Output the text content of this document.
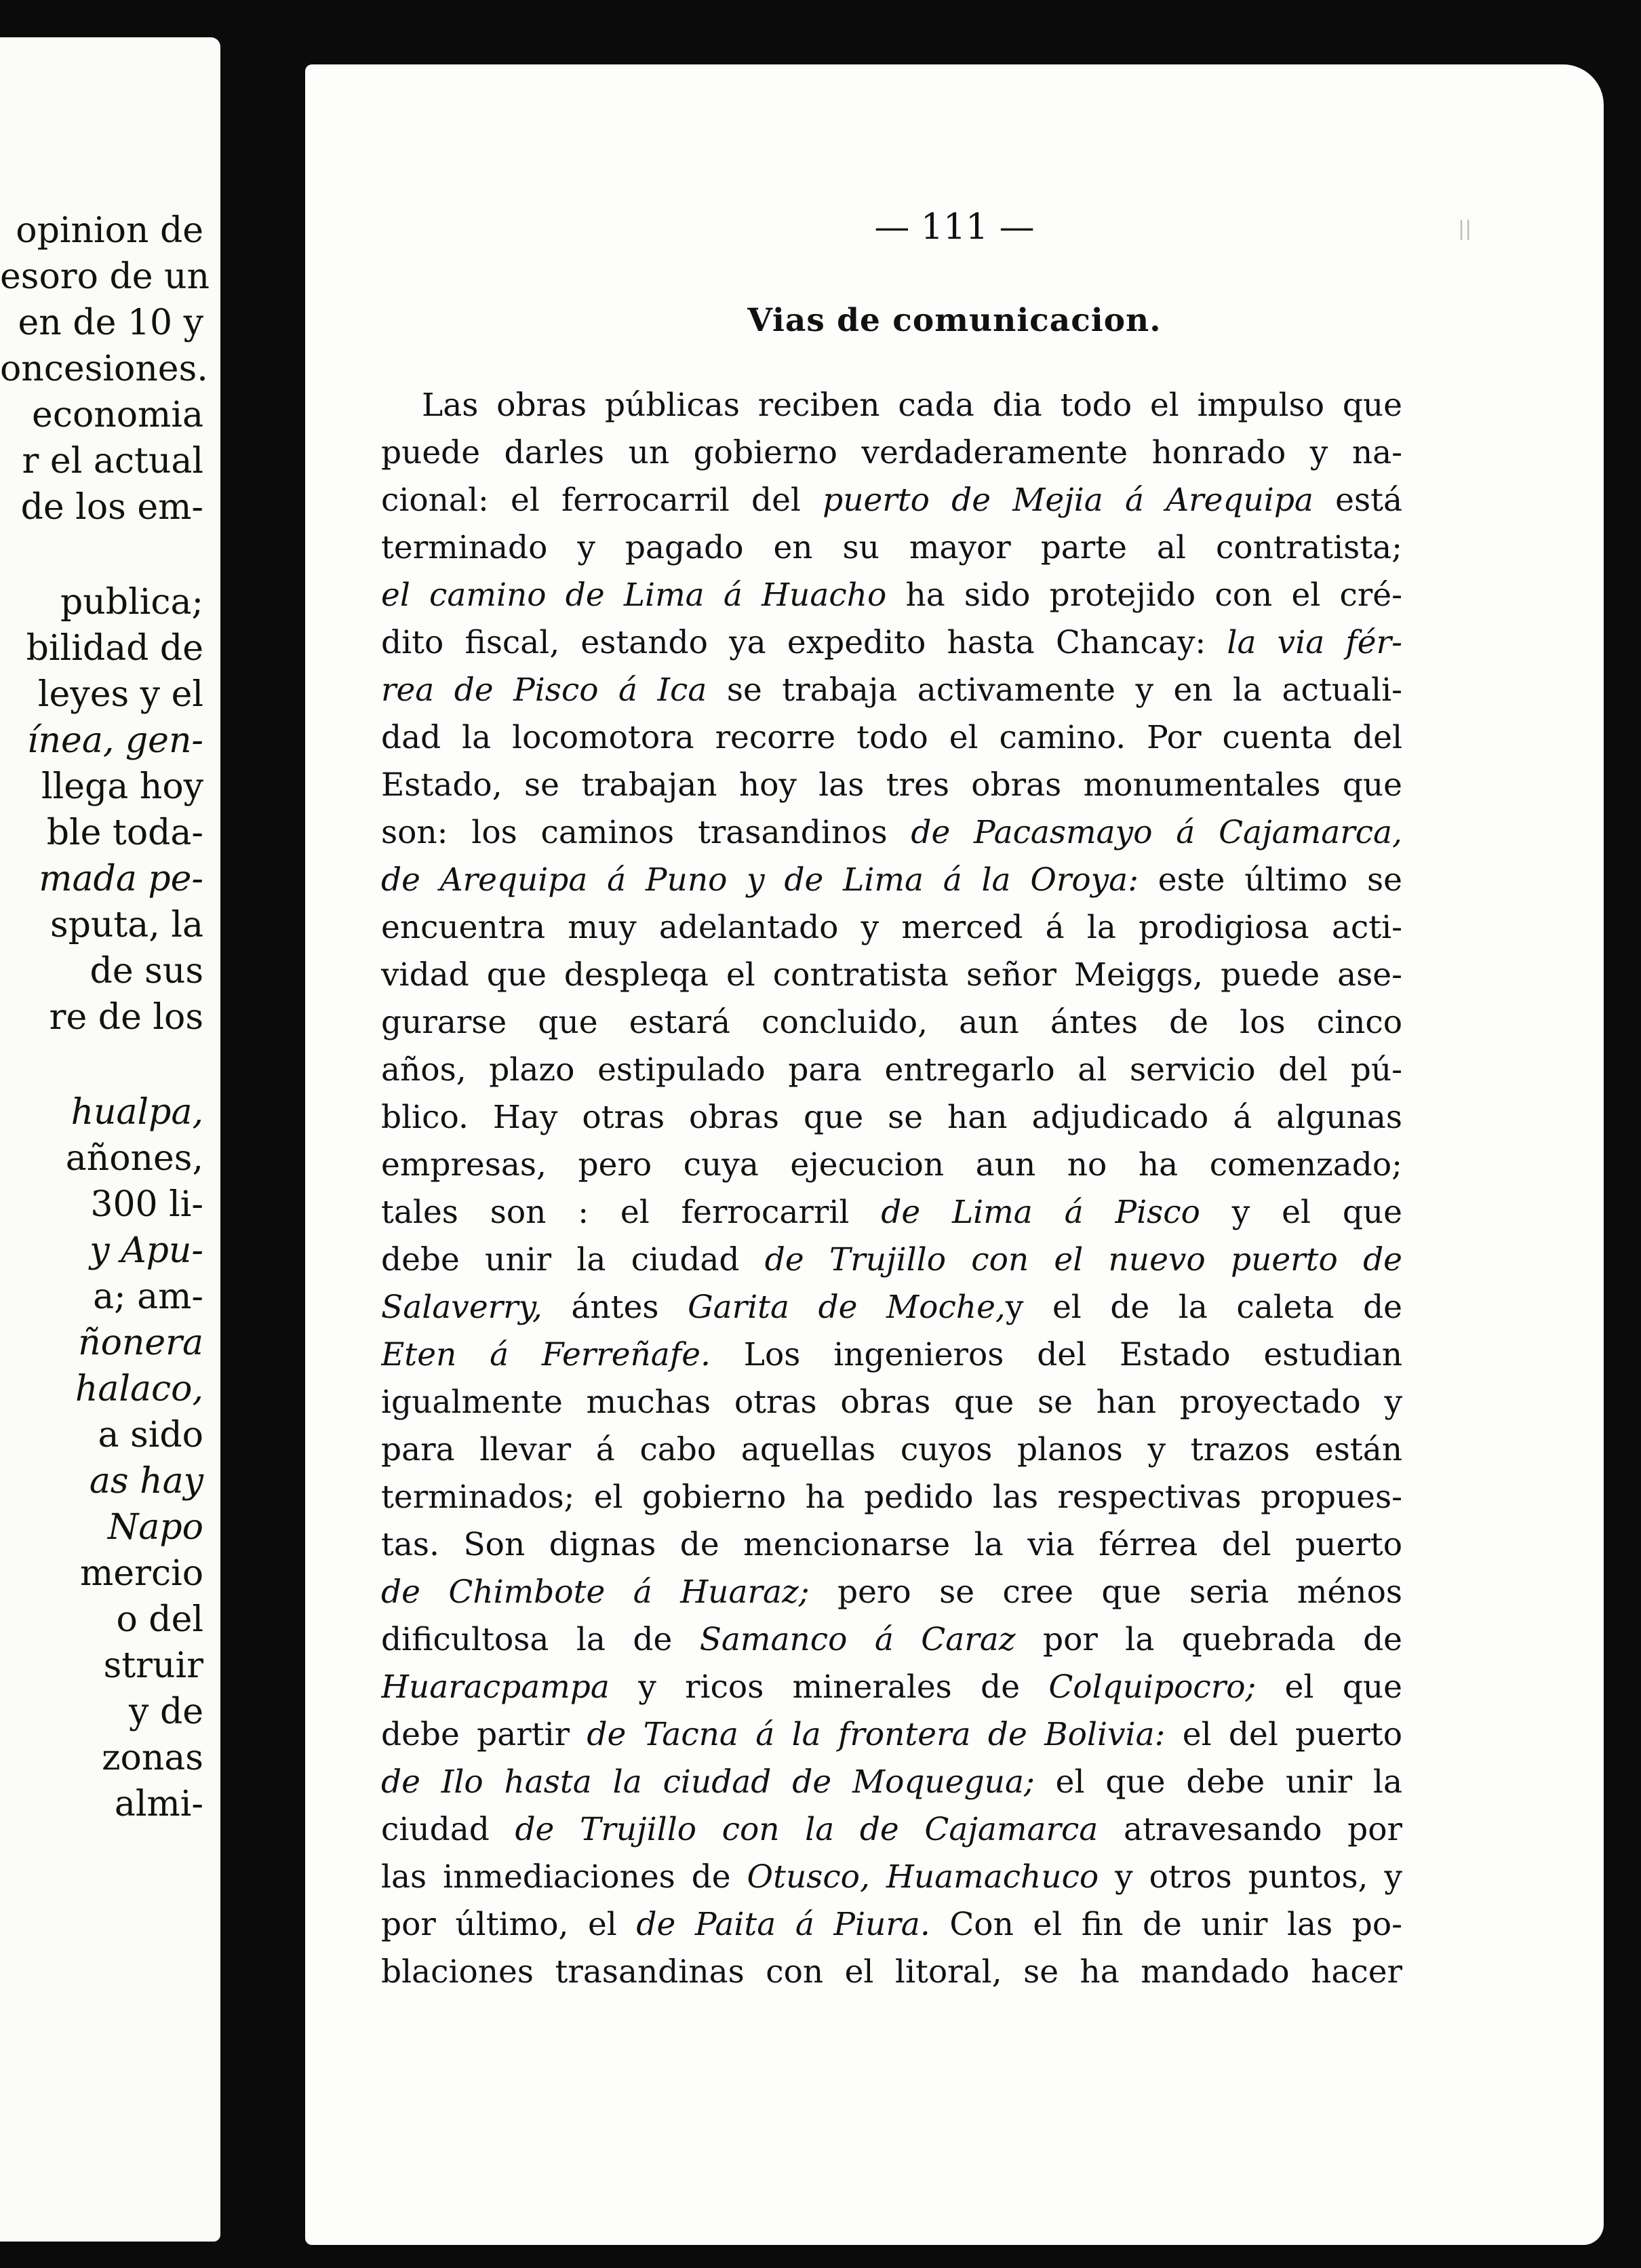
opinion de
esoro de un
en de 10 y
oncesiones.
economia
r el actual
de los em-
publica;
bilidad de
leyes y el
ínea, gen-
llega hoy
ble toda-
mada pe-
sputa, la
de sus
re de los
hualpa,
añones,
300 li-
y Apu-
a; am-
ñonera
halaco,
a sido
as hay
Napo
mercio
o del
struir
y de
zonas
almi-
— 111 —
Vias de comunicacion.
Las obras públicas reciben cada dia todo el impulso que
puede darles un gobierno verdaderamente honrado y na-
cional: el ferrocarril del puerto de Mejia á Arequipa está
terminado y pagado en su mayor parte al contratista;
el camino de Lima á Huacho ha sido protejido con el cré-
dito fiscal, estando ya expedito hasta Chancay: la via fér-
rea de Pisco á Ica se trabaja activamente y en la actuali-
dad la locomotora recorre todo el camino. Por cuenta del
Estado, se trabajan hoy las tres obras monumentales que
son: los caminos trasandinos de Pacasmayo á Cajamarca,
de Arequipa á Puno y de Lima á la Oroya: este último se
encuentra muy adelantado y merced á la prodigiosa acti-
vidad que despleqa el contratista señor Meiggs, puede ase-
gurarse que estará concluido, aun ántes de los cinco
años, plazo estipulado para entregarlo al servicio del pú-
blico. Hay otras obras que se han adjudicado á algunas
empresas, pero cuya ejecucion aun no ha comenzado;
tales son : el ferrocarril de Lima á Pisco y el que
debe unir la ciudad de Trujillo con el nuevo puerto de
Salaverry, ántes Garita de Moche,y el de la caleta de
Eten á Ferreñafe. Los ingenieros del Estado estudian
igualmente muchas otras obras que se han proyectado y
para llevar á cabo aquellas cuyos planos y trazos están
terminados; el gobierno ha pedido las respectivas propues-
tas. Son dignas de mencionarse la via férrea del puerto
de Chimbote á Huaraz; pero se cree que seria ménos
dificultosa la de Samanco á Caraz por la quebrada de
Huaracpampa y ricos minerales de Colquipocro; el que
debe partir de Tacna á la frontera de Bolivia: el del puerto
de Ilo hasta la ciudad de Moquegua; el que debe unir la
ciudad de Trujillo con la de Cajamarca atravesando por
las inmediaciones de Otusco, Huamachuco y otros puntos, y
por último, el de Paita á Piura. Con el fin de unir las po-
blaciones trasandinas con el litoral, se ha mandado hacer
||
